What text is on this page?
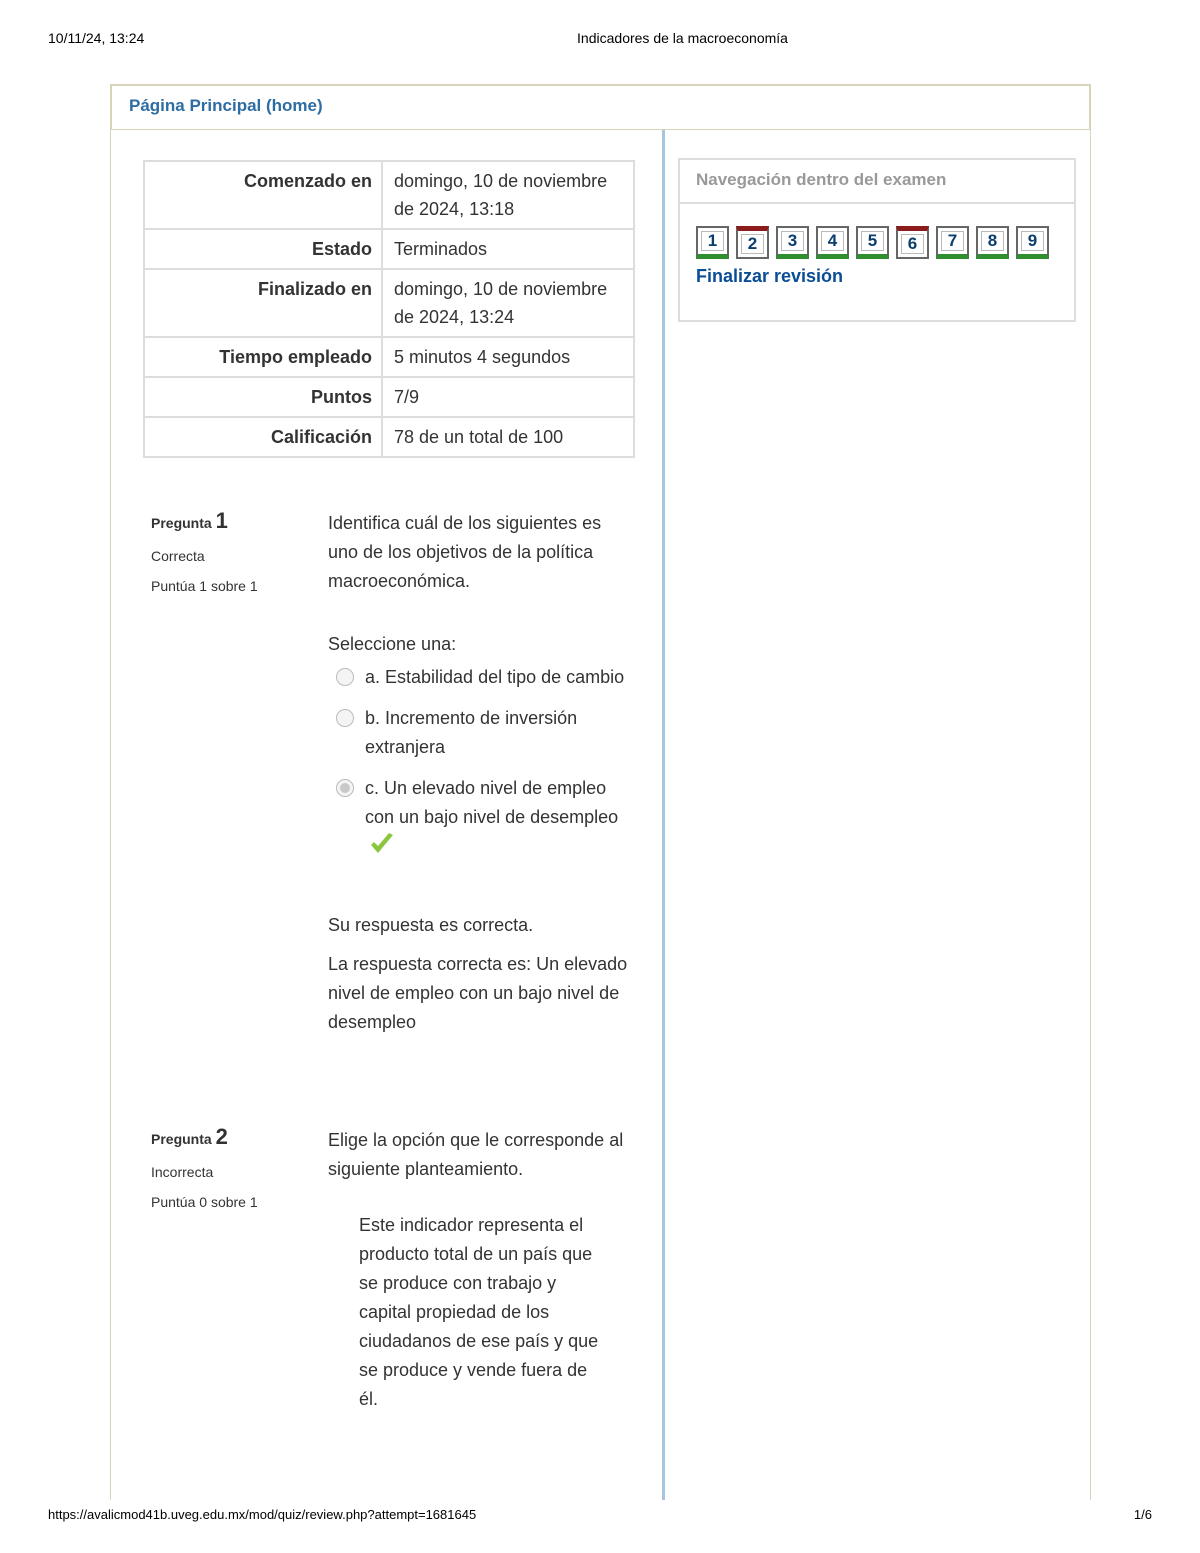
10/11/24, 13:24	Indicadores de la macroeconomía
Página Principal (home)
Comenzado en	domingo, 10 de noviembre de 2024, 13:18
Estado	Terminados
Finalizado en	domingo, 10 de noviembre de 2024, 13:24
Tiempo empleado	5 minutos 4 segundos
Puntos	7/9
Calificación	78 de un total de 100
Pregunta 1
Correcta
Puntúa 1 sobre 1
Identifica cuál de los siguientes es uno de los objetivos de la política macroeconómica.
Seleccione una:
a. Estabilidad del tipo de cambio
b. Incremento de inversión extranjera
c. Un elevado nivel de empleo con un bajo nivel de desempleo

Su respuesta es correcta.

La respuesta correcta es: Un elevado nivel de empleo con un bajo nivel de desempleo

Pregunta 2
Incorrecta
Puntúa 0 sobre 1
Elige la opción que le corresponde al siguiente planteamiento.
Este indicador representa el producto total de un país que se produce con trabajo y capital propiedad de los ciudadanos de ese país y que se produce y vende fuera de él.
Navegación dentro del examen
1	2	3	4	5	6	7	8	9
Finalizar revisión
https://avalicmod41b.uveg.edu.mx/mod/quiz/review.php?attempt=1681645	1/6
